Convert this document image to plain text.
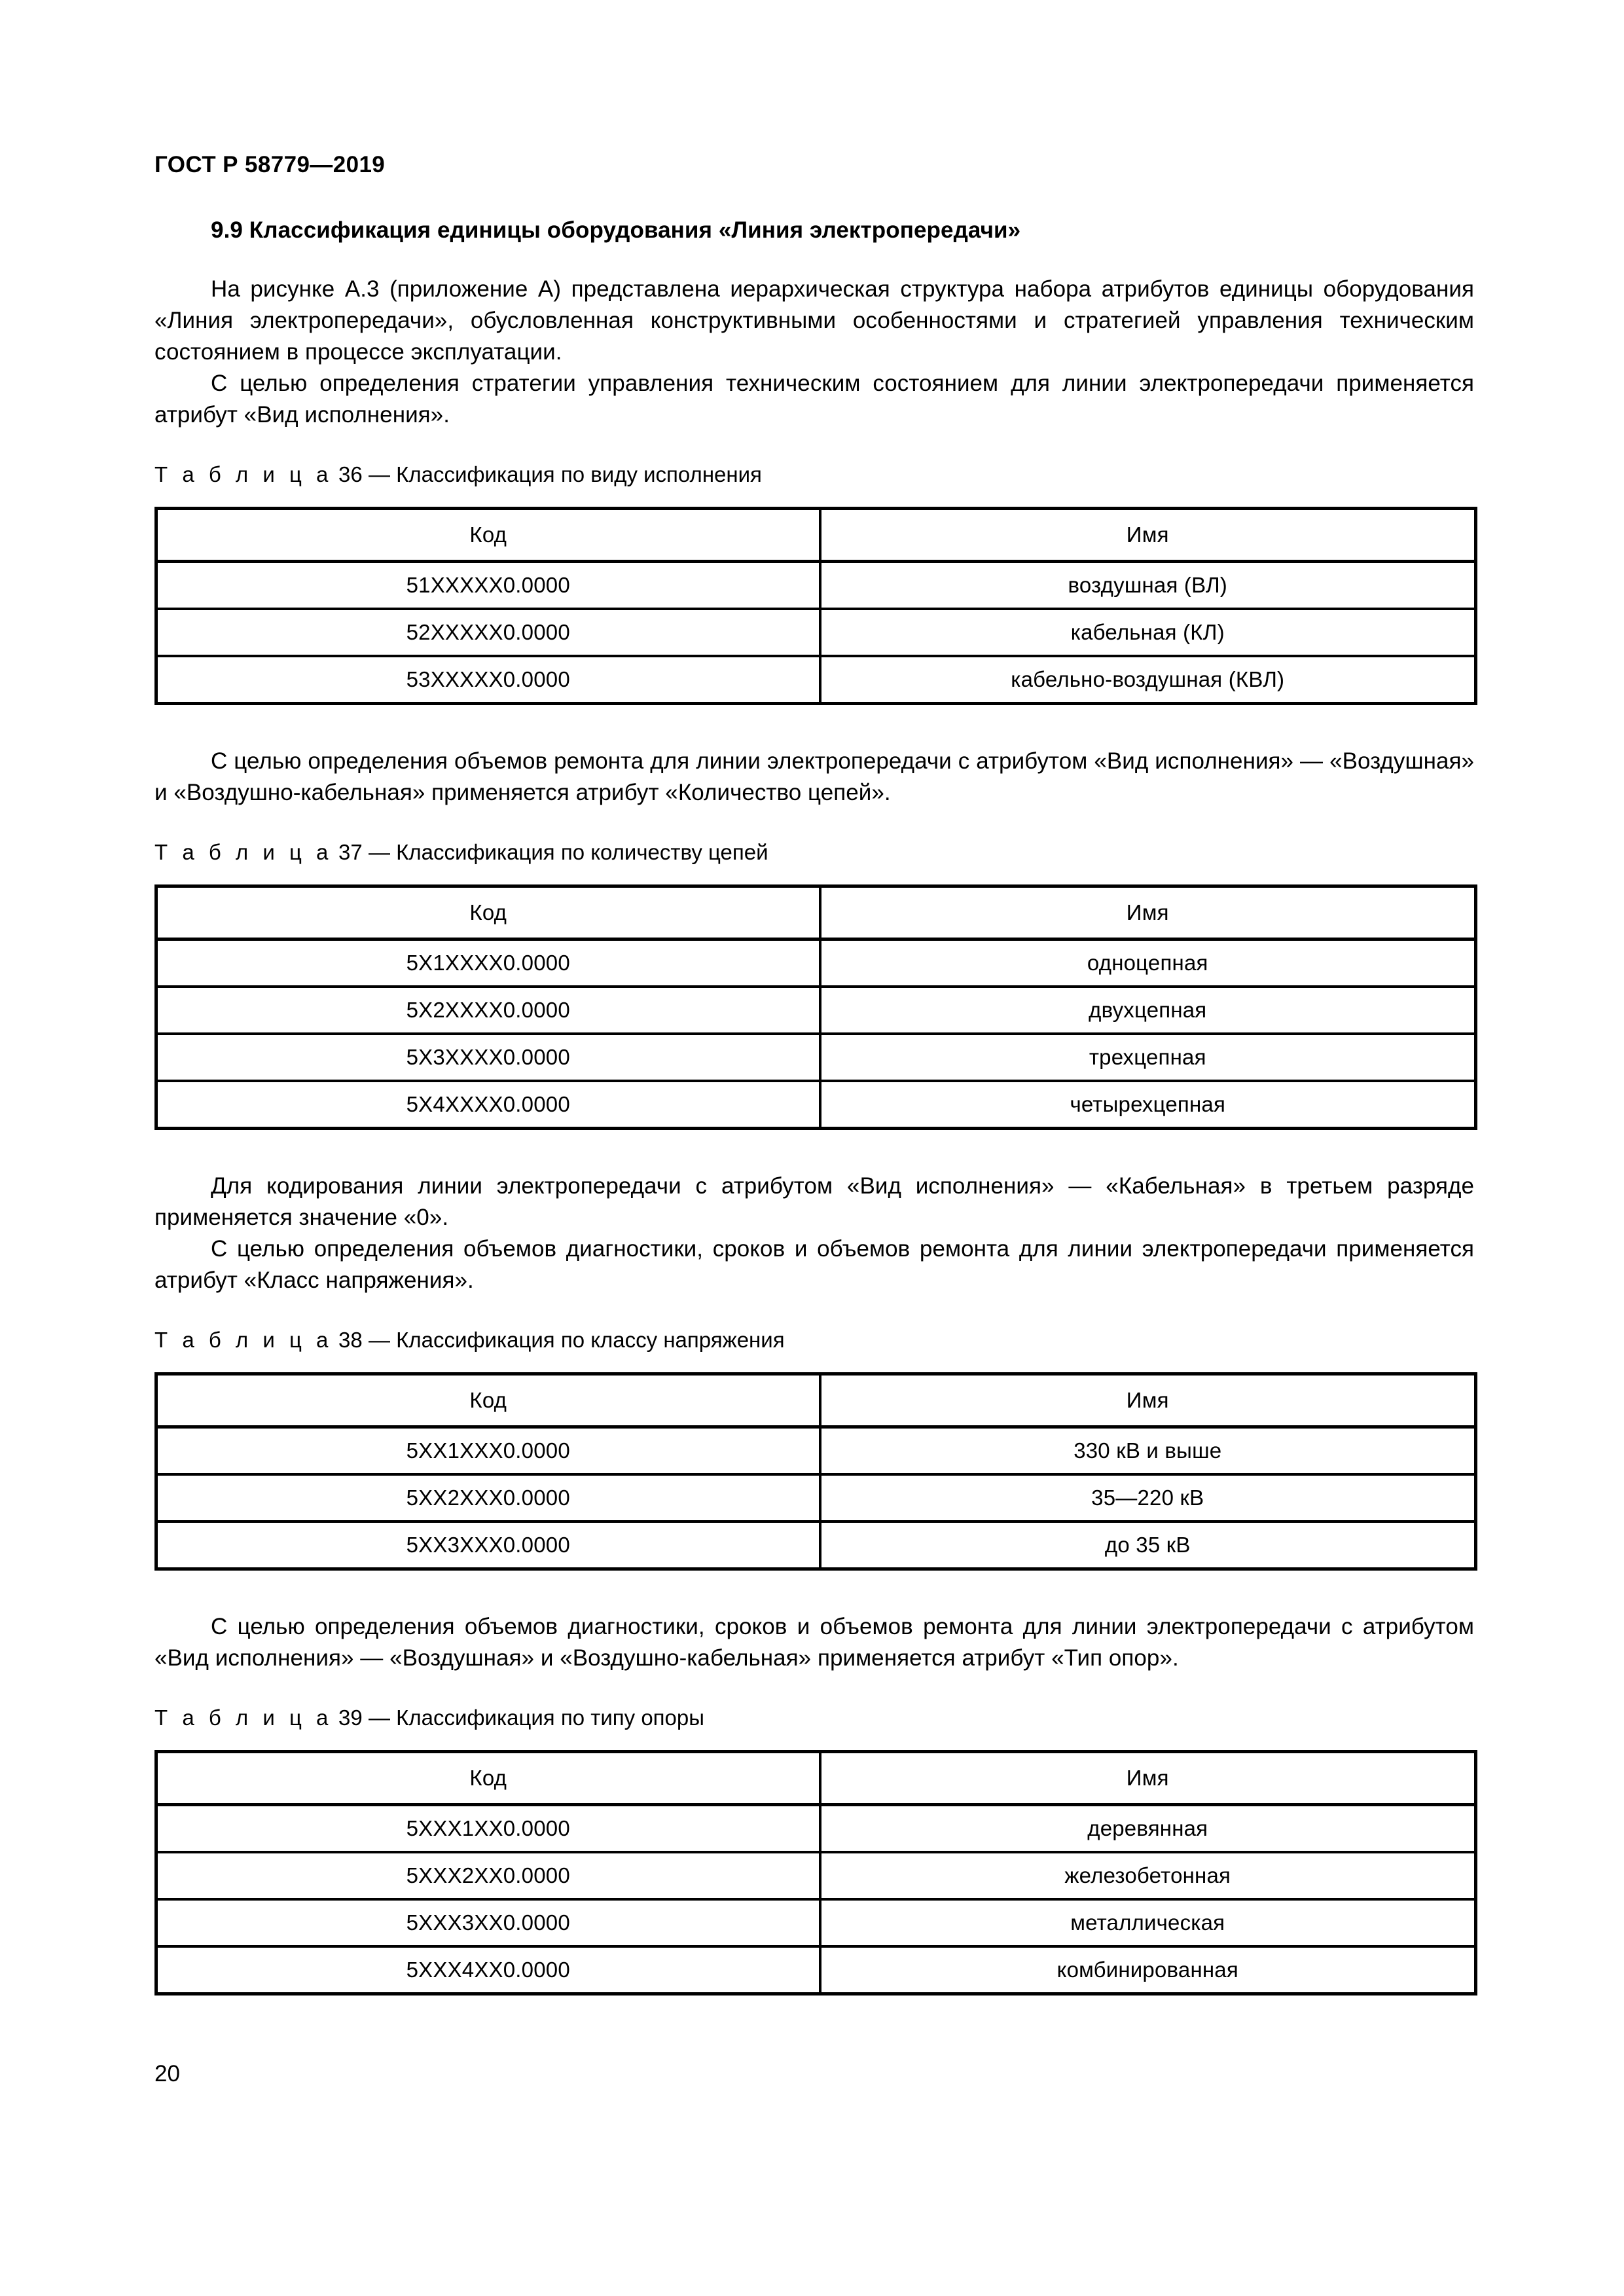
ГОСТ Р 58779—2019
9.9 Классификация единицы оборудования «Линия электропередачи»

На рисунке А.3 (приложение А) представлена иерархическая структура набора атрибутов единицы оборудования «Линия электропередачи», обусловленная конструктивными особенностями и стратегией управления техническим состоянием в процессе эксплуатации.

С целью определения стратегии управления техническим состоянием для линии электропередачи применяется атрибут «Вид исполнения».

Т а б л и ц а 36 — Классификация по виду исполнения
Код	Имя
51XXXXX0.0000	воздушная (ВЛ)
52XXXXX0.0000	кабельная (КЛ)
53XXXXX0.0000	кабельно-воздушная (КВЛ)

С целью определения объемов ремонта для линии электропередачи с атрибутом «Вид исполнения» — «Воздушная» и «Воздушно-кабельная» применяется атрибут «Количество цепей».

Т а б л и ц а 37 — Классификация по количеству цепей
Код	Имя
5X1XXXX0.0000	одноцепная
5X2XXXX0.0000	двухцепная
5X3XXXX0.0000	трехцепная
5X4XXXX0.0000	четырехцепная

Для кодирования линии электропередачи с атрибутом «Вид исполнения» — «Кабельная» в третьем разряде применяется значение «0».

С целью определения объемов диагностики, сроков и объемов ремонта для линии электропередачи применяется атрибут «Класс напряжения».

Т а б л и ц а 38 — Классификация по классу напряжения
Код	Имя
5XX1XXX0.0000	330 кВ и выше
5XX2XXX0.0000	35—220 кВ
5XX3XXX0.0000	до 35 кВ

С целью определения объемов диагностики, сроков и объемов ремонта для линии электропередачи с атрибутом «Вид исполнения» — «Воздушная» и «Воздушно-кабельная» применяется атрибут «Тип опор».

Т а б л и ц а 39 — Классификация по типу опоры
Код	Имя
5XXX1XX0.0000	деревянная
5XXX2XX0.0000	железобетонная
5XXX3XX0.0000	металлическая
5XXX4XX0.0000	комбинированная
20
